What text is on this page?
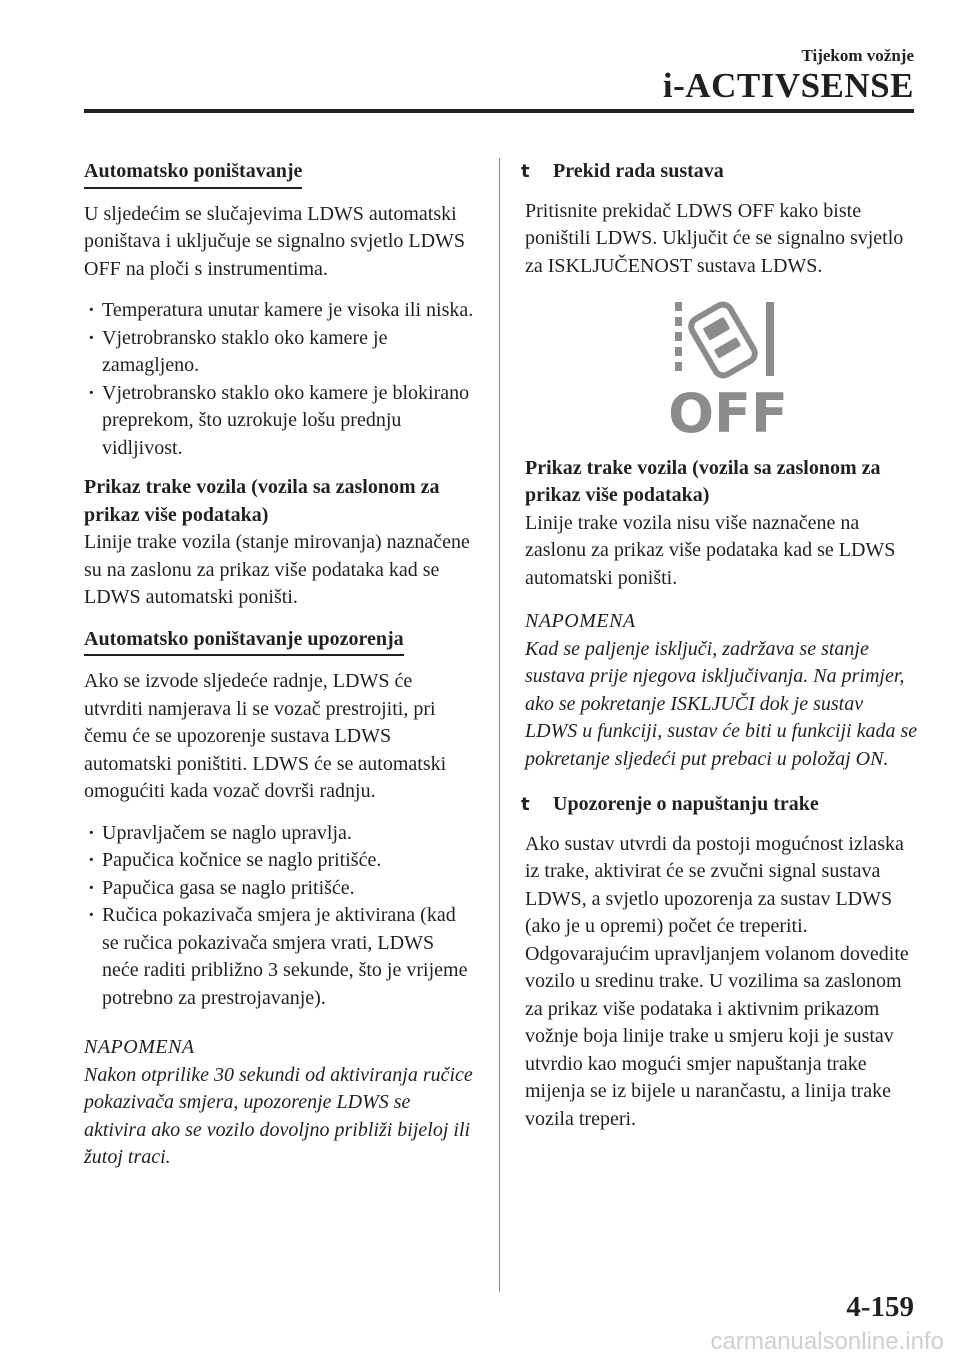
Tijekom vožnje
i-ACTIVSENSE

Automatsko poništavanje

U sljedećim se slučajevima LDWS automatski poništava i uključuje se signalno svjetlo LDWS OFF na ploči s instrumentima.

· Temperatura unutar kamere je visoka ili niska.
· Vjetrobransko staklo oko kamere je zamagljeno.
· Vjetrobransko staklo oko kamere je blokirano preprekom, što uzrokuje lošu prednju vidljivost.

Prikaz trake vozila (vozila sa zaslonom za prikaz više podataka)

Linije trake vozila (stanje mirovanja) naznačene su na zaslonu za prikaz više podataka kad se LDWS automatski poništi.

Automatsko poništavanje upozorenja

Ako se izvode sljedeće radnje, LDWS će utvrditi namjerava li se vozač prestrojiti, pri čemu će se upozorenje sustava LDWS automatski poništiti. LDWS će se automatski omogućiti kada vozač dovrši radnju.

· Upravljačem se naglo upravlja.
· Papučica kočnice se naglo pritišće.
· Papučica gasa se naglo pritišće.
· Ručica pokazivača smjera je aktivirana (kad se ručica pokazivača smjera vrati, LDWS neće raditi približno 3 sekunde, što je vrijeme potrebno za prestrojavanje).

NAPOMENA

Nakon otprilike 30 sekundi od aktiviranja ručice pokazivača smjera, upozorenje LDWS se aktivira ako se vozilo dovoljno približi bijeloj ili žutoj traci.

t Prekid rada sustava

Pritisnite prekidač LDWS OFF kako biste poništili LDWS. Uključit će se signalno svjetlo za ISKLJUČENOST sustava LDWS.

OFF

Prikaz trake vozila (vozila sa zaslonom za prikaz više podataka)

Linije trake vozila nisu više naznačene na zaslonu za prikaz više podataka kad se LDWS automatski poništi.

NAPOMENA

Kad se paljenje isključi, zadržava se stanje sustava prije njegova isključivanja. Na primjer, ako se pokretanje ISKLJUČI dok je sustav LDWS u funkciji, sustav će biti u funkciji kada se pokretanje sljedeći put prebaci u položaj ON.

t Upozorenje o napuštanju trake

Ako sustav utvrdi da postoji mogućnost izlaska iz trake, aktivirat će se zvučni signal sustava LDWS, a svjetlo upozorenja za sustav LDWS (ako je u opremi) počet će treperiti. Odgovarajućim upravljanjem volanom dovedite vozilo u sredinu trake. U vozilima sa zaslonom za prikaz više podataka i aktivnim prikazom vožnje boja linije trake u smjeru koji je sustav utvrdio kao mogući smjer napuštanja trake mijenja se iz bijele u narančastu, a linija trake vozila treperi.

4-159
carmanualsonline.info
